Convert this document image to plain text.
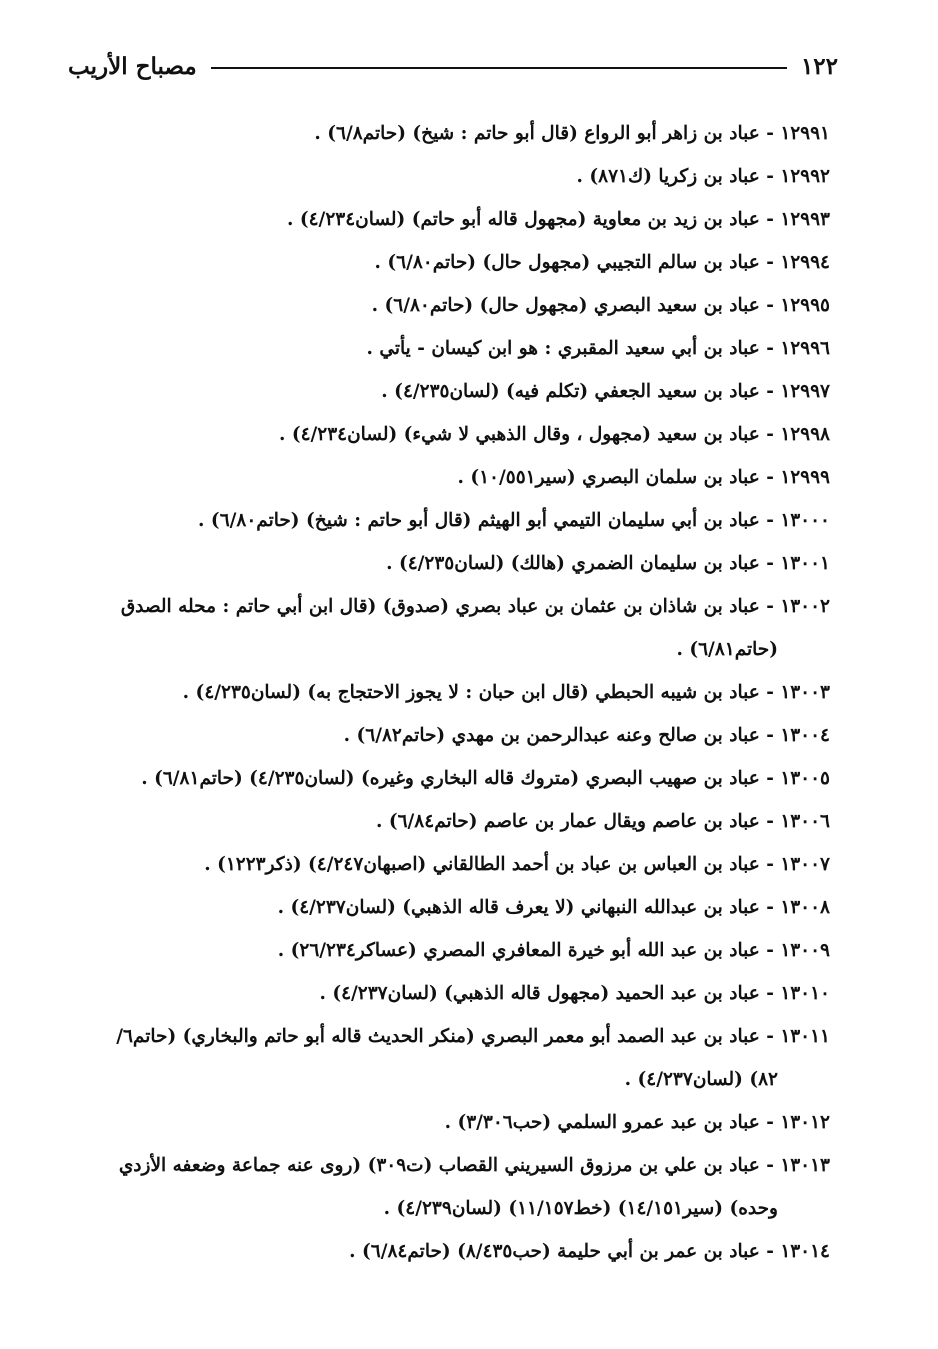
١٢٢
مصباح الأريب
١٢٩٩١ - عباد بن زاهر أبو الرواع (قال أبو حاتم : شيخ) (حاتم٦/٨) .
١٢٩٩٢ - عباد بن زكريا (ك٨٧١) .
١٢٩٩٣ - عباد بن زيد بن معاوية (مجهول قاله أبو حاتم) (لسان٤/٢٣٤) .
١٢٩٩٤ - عباد بن سالم التجيبي (مجهول حال) (حاتم٦/٨٠) .
١٢٩٩٥ - عباد بن سعيد البصري (مجهول حال) (حاتم٦/٨٠) .
١٢٩٩٦ - عباد بن أبي سعيد المقبري : هو ابن كيسان - يأتي .
١٢٩٩٧ - عباد بن سعيد الجعفي (تكلم فيه) (لسان٤/٢٣٥) .
١٢٩٩٨ - عباد بن سعيد (مجهول ، وقال الذهبي لا شيء) (لسان٤/٢٣٤) .
١٢٩٩٩ - عباد بن سلمان البصري (سير١٠/٥٥١) .
١٣٠٠٠ - عباد بن أبي سليمان التيمي أبو الهيثم (قال أبو حاتم : شيخ) (حاتم٦/٨٠) .
١٣٠٠١ - عباد بن سليمان الضمري (هالك) (لسان٤/٢٣٥) .
١٣٠٠٢ - عباد بن شاذان بن عثمان بن عباد بصري (صدوق) (قال ابن أبي حاتم : محله الصدق
(حاتم٦/٨١) .
١٣٠٠٣ - عباد بن شيبه الحبطي (قال ابن حبان : لا يجوز الاحتجاج به) (لسان٤/٢٣٥) .
١٣٠٠٤ - عباد بن صالح وعنه عبدالرحمن بن مهدي (حاتم٦/٨٢) .
١٣٠٠٥ - عباد بن صهيب البصري (متروك قاله البخاري وغيره) (لسان٤/٢٣٥) (حاتم٦/٨١) .
١٣٠٠٦ - عباد بن عاصم ويقال عمار بن عاصم (حاتم٦/٨٤) .
١٣٠٠٧ - عباد بن العباس بن عباد بن أحمد الطالقاني (اصبهان٤/٢٤٧) (ذكر١٢٢٣) .
١٣٠٠٨ - عباد بن عبدالله النبهاني (لا يعرف قاله الذهبي) (لسان٤/٢٣٧) .
١٣٠٠٩ - عباد بن عبد الله أبو خيرة المعافري المصري (عساكر٢٦/٢٣٤) .
١٣٠١٠ - عباد بن عبد الحميد (مجهول قاله الذهبي) (لسان٤/٢٣٧) .
١٣٠١١ - عباد بن عبد الصمد أبو معمر البصري (منكر الحديث قاله أبو حاتم والبخاري) (حاتم٦/
٨٢) (لسان٤/٢٣٧) .
١٣٠١٢ - عباد بن عبد عمرو السلمي (حب٣/٣٠٦) .
١٣٠١٣ - عباد بن علي بن مرزوق السيريني القصاب (ت٣٠٩) (روى عنه جماعة وضعفه الأزدي
وحده) (سير١٤/١٥١) (خط١١/١٥٧) (لسان٤/٢٣٩) .
١٣٠١٤ - عباد بن عمر بن أبي حليمة (حب٨/٤٣٥) (حاتم٦/٨٤) .
